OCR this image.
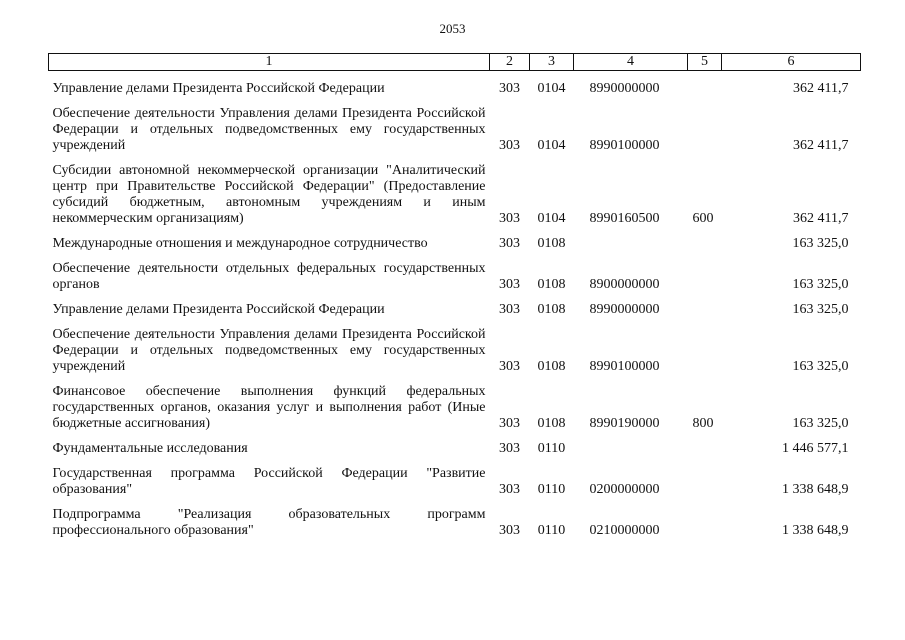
2053
1	2	3	4	5	6
Управление делами Президента Российской Федерации	303	0104	8990000000		362 411,7
Обеспечение деятельности Управления делами Президента Российской Федерации и отдельных подведомственных ему государственных учреждений	303	0104	8990100000		362 411,7
Субсидии автономной некоммерческой организации "Аналитический центр при Правительстве Российской Федерации" (Предоставление субсидий бюджетным, автономным учреждениям и иным некоммерческим организациям)	303	0104	8990160500	600	362 411,7
Международные отношения и международное сотрудничество	303	0108			163 325,0
Обеспечение деятельности отдельных федеральных государственных органов	303	0108	8900000000		163 325,0
Управление делами Президента Российской Федерации	303	0108	8990000000		163 325,0
Обеспечение деятельности Управления делами Президента Российской Федерации и отдельных подведомственных ему государственных учреждений	303	0108	8990100000		163 325,0
Финансовое обеспечение выполнения функций федеральных государственных органов, оказания услуг и выполнения работ (Иные бюджетные ассигнования)	303	0108	8990190000	800	163 325,0
Фундаментальные исследования	303	0110			1 446 577,1
Государственная программа Российской Федерации "Развитие образования"	303	0110	0200000000		1 338 648,9
Подпрограмма "Реализация образовательных программ профессионального образования"	303	0110	0210000000		1 338 648,9
